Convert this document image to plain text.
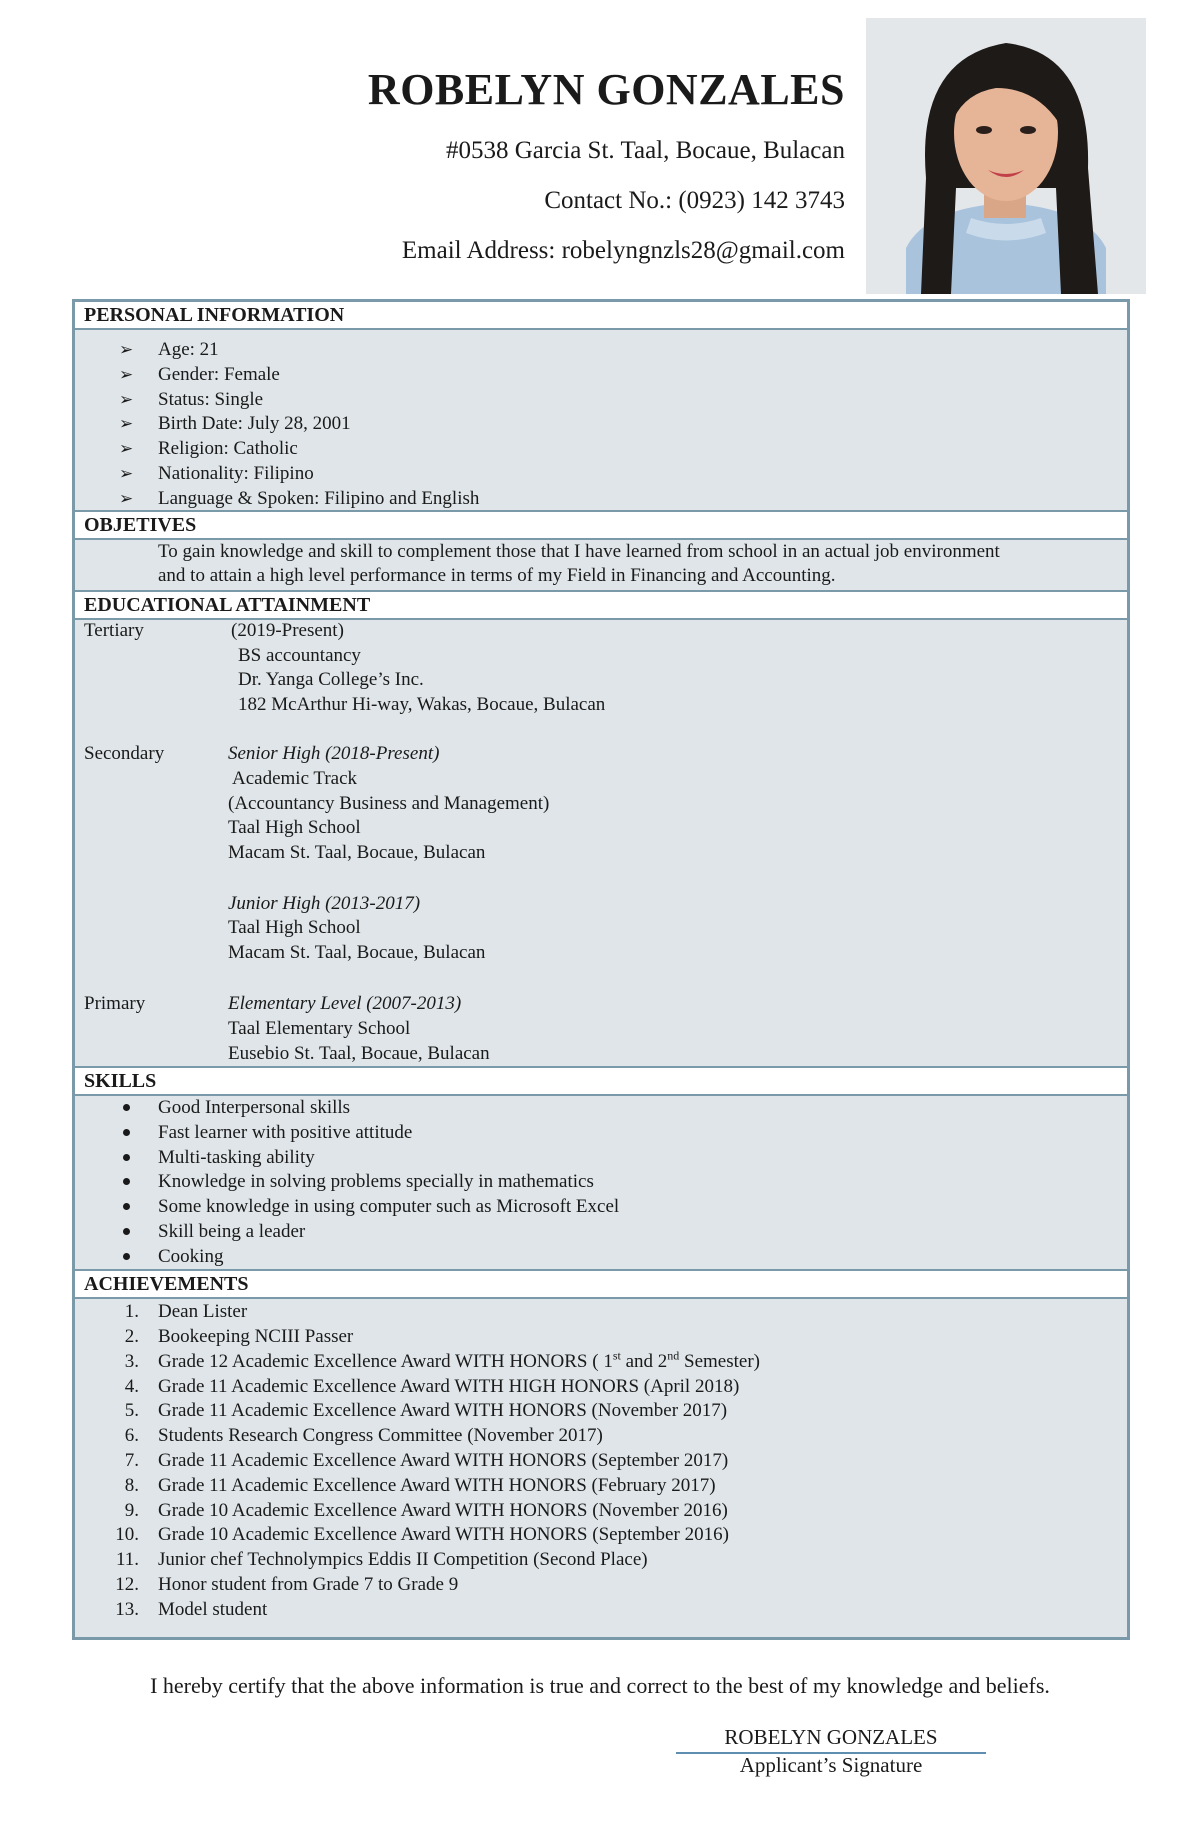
ROBELYN GONZALES
#0538 Garcia St. Taal, Bocaue, Bulacan
Contact No.: (0923) 142 3743
Email Address: robelyngnzls28@gmail.com
PERSONAL INFORMATION
➢ Age: 21
➢ Gender: Female
➢ Status: Single
➢ Birth Date: July 28, 2001
➢ Religion: Catholic
➢ Nationality: Filipino
➢ Language & Spoken: Filipino and English
OBJETIVES
To gain knowledge and skill to complement those that I have learned from school in an actual job environment
and to attain a high level performance in terms of my Field in Financing and Accounting.
EDUCATIONAL ATTAINMENT
Tertiary	(2019-Present)
BS accountancy
Dr. Yanga College’s Inc.
182 McArthur Hi-way, Wakas, Bocaue, Bulacan
Secondary	Senior High (2018-Present)
Academic Track
(Accountancy Business and Management)
Taal High School
Macam St. Taal, Bocaue, Bulacan
Junior High (2013-2017)
Taal High School
Macam St. Taal, Bocaue, Bulacan
Primary	Elementary Level (2007-2013)
Taal Elementary School
Eusebio St. Taal, Bocaue, Bulacan
SKILLS
Good Interpersonal skills
Fast learner with positive attitude
Multi-tasking ability
Knowledge in solving problems specially in mathematics
Some knowledge in using computer such as Microsoft Excel
Skill being a leader
Cooking
ACHIEVEMENTS
1. Dean Lister
2. Bookeeping NCIII Passer
3. Grade 12 Academic Excellence Award WITH HONORS ( 1st and 2nd Semester)
4. Grade 11 Academic Excellence Award WITH HIGH HONORS (April 2018)
5. Grade 11 Academic Excellence Award WITH HONORS (November 2017)
6. Students Research Congress Committee (November 2017)
7. Grade 11 Academic Excellence Award WITH HONORS (September 2017)
8. Grade 11 Academic Excellence Award WITH HONORS (February 2017)
9. Grade 10 Academic Excellence Award WITH HONORS (November 2016)
10. Grade 10 Academic Excellence Award WITH HONORS (September 2016)
11. Junior chef Technolympics Eddis II Competition (Second Place)
12. Honor student from Grade 7 to Grade 9
13. Model student
I hereby certify that the above information is true and correct to the best of my knowledge and beliefs.
ROBELYN GONZALES
Applicant’s Signature
